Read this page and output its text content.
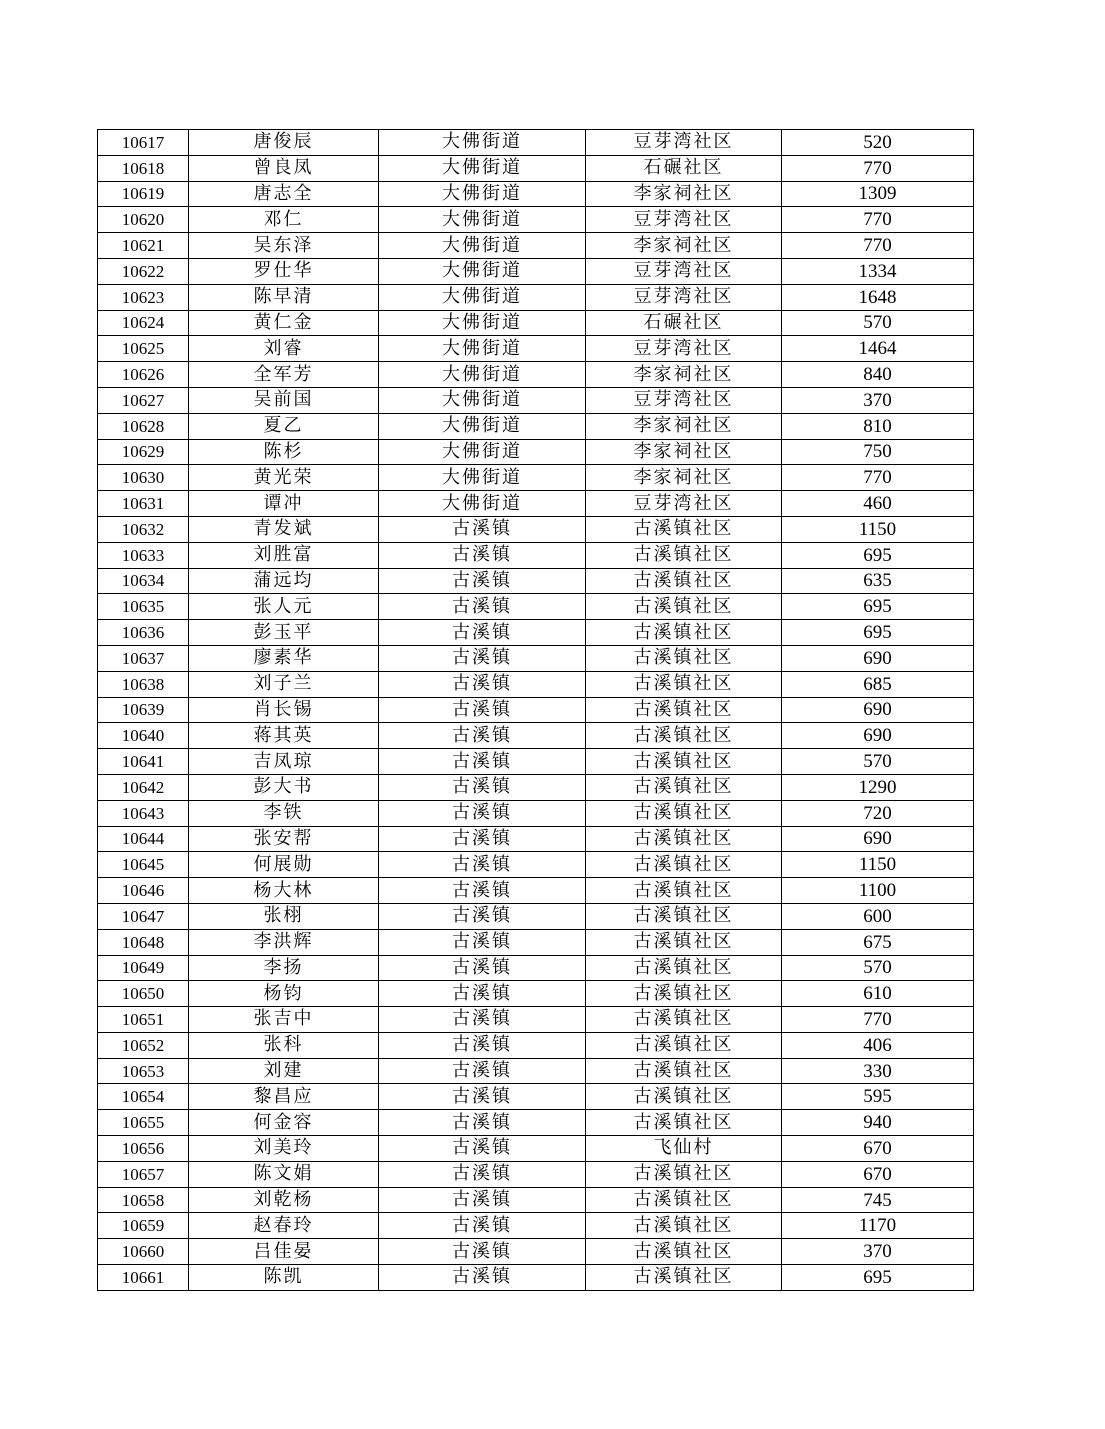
10617	唐俊辰	大佛街道	豆芽湾社区	520
10618	曾良凤	大佛街道	石碾社区	770
10619	唐志全	大佛街道	李家祠社区	1309
10620	邓仁	大佛街道	豆芽湾社区	770
10621	吴东泽	大佛街道	李家祠社区	770
10622	罗仕华	大佛街道	豆芽湾社区	1334
10623	陈早清	大佛街道	豆芽湾社区	1648
10624	黄仁金	大佛街道	石碾社区	570
10625	刘睿	大佛街道	豆芽湾社区	1464
10626	全军芳	大佛街道	李家祠社区	840
10627	吴前国	大佛街道	豆芽湾社区	370
10628	夏乙	大佛街道	李家祠社区	810
10629	陈杉	大佛街道	李家祠社区	750
10630	黄光荣	大佛街道	李家祠社区	770
10631	谭冲	大佛街道	豆芽湾社区	460
10632	青发斌	古溪镇	古溪镇社区	1150
10633	刘胜富	古溪镇	古溪镇社区	695
10634	蒲远均	古溪镇	古溪镇社区	635
10635	张人元	古溪镇	古溪镇社区	695
10636	彭玉平	古溪镇	古溪镇社区	695
10637	廖素华	古溪镇	古溪镇社区	690
10638	刘子兰	古溪镇	古溪镇社区	685
10639	肖长锡	古溪镇	古溪镇社区	690
10640	蒋其英	古溪镇	古溪镇社区	690
10641	吉凤琼	古溪镇	古溪镇社区	570
10642	彭大书	古溪镇	古溪镇社区	1290
10643	李铁	古溪镇	古溪镇社区	720
10644	张安帮	古溪镇	古溪镇社区	690
10645	何展勋	古溪镇	古溪镇社区	1150
10646	杨大林	古溪镇	古溪镇社区	1100
10647	张栩	古溪镇	古溪镇社区	600
10648	李洪辉	古溪镇	古溪镇社区	675
10649	李扬	古溪镇	古溪镇社区	570
10650	杨钧	古溪镇	古溪镇社区	610
10651	张吉中	古溪镇	古溪镇社区	770
10652	张科	古溪镇	古溪镇社区	406
10653	刘建	古溪镇	古溪镇社区	330
10654	黎昌应	古溪镇	古溪镇社区	595
10655	何金容	古溪镇	古溪镇社区	940
10656	刘美玲	古溪镇	飞仙村	670
10657	陈文娟	古溪镇	古溪镇社区	670
10658	刘乾杨	古溪镇	古溪镇社区	745
10659	赵春玲	古溪镇	古溪镇社区	1170
10660	吕佳晏	古溪镇	古溪镇社区	370
10661	陈凯	古溪镇	古溪镇社区	695
